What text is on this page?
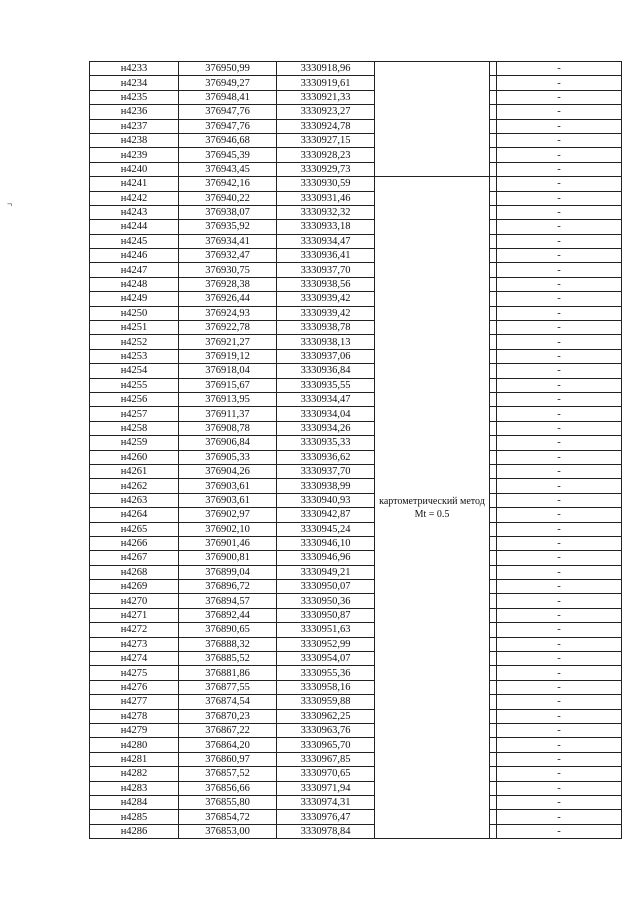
¬
н4233	376950,99	3330918,96			-
н4234	376949,27	3330919,61			-
н4235	376948,41	3330921,33			-
н4236	376947,76	3330923,27			-
н4237	376947,76	3330924,78			-
н4238	376946,68	3330927,15			-
н4239	376945,39	3330928,23			-
н4240	376943,45	3330929,73			-
н4241	376942,16	3330930,59	картометрический метод Mt = 0.5		-
н4242	376940,22	3330931,46			-
н4243	376938,07	3330932,32			-
н4244	376935,92	3330933,18			-
н4245	376934,41	3330934,47			-
н4246	376932,47	3330936,41			-
н4247	376930,75	3330937,70			-
н4248	376928,38	3330938,56			-
н4249	376926,44	3330939,42			-
н4250	376924,93	3330939,42			-
н4251	376922,78	3330938,78			-
н4252	376921,27	3330938,13			-
н4253	376919,12	3330937,06			-
н4254	376918,04	3330936,84			-
н4255	376915,67	3330935,55			-
н4256	376913,95	3330934,47			-
н4257	376911,37	3330934,04			-
н4258	376908,78	3330934,26			-
н4259	376906,84	3330935,33			-
н4260	376905,33	3330936,62			-
н4261	376904,26	3330937,70			-
н4262	376903,61	3330938,99			-
н4263	376903,61	3330940,93			-
н4264	376902,97	3330942,87			-
н4265	376902,10	3330945,24			-
н4266	376901,46	3330946,10			-
н4267	376900,81	3330946,96			-
н4268	376899,04	3330949,21			-
н4269	376896,72	3330950,07			-
н4270	376894,57	3330950,36			-
н4271	376892,44	3330950,87			-
н4272	376890,65	3330951,63			-
н4273	376888,32	3330952,99			-
н4274	376885,52	3330954,07			-
н4275	376881,86	3330955,36			-
н4276	376877,55	3330958,16			-
н4277	376874,54	3330959,88			-
н4278	376870,23	3330962,25			-
н4279	376867,22	3330963,76			-
н4280	376864,20	3330965,70			-
н4281	376860,97	3330967,85			-
н4282	376857,52	3330970,65			-
н4283	376856,66	3330971,94			-
н4284	376855,80	3330974,31			-
н4285	376854,72	3330976,47			-
н4286	376853,00	3330978,84			-
